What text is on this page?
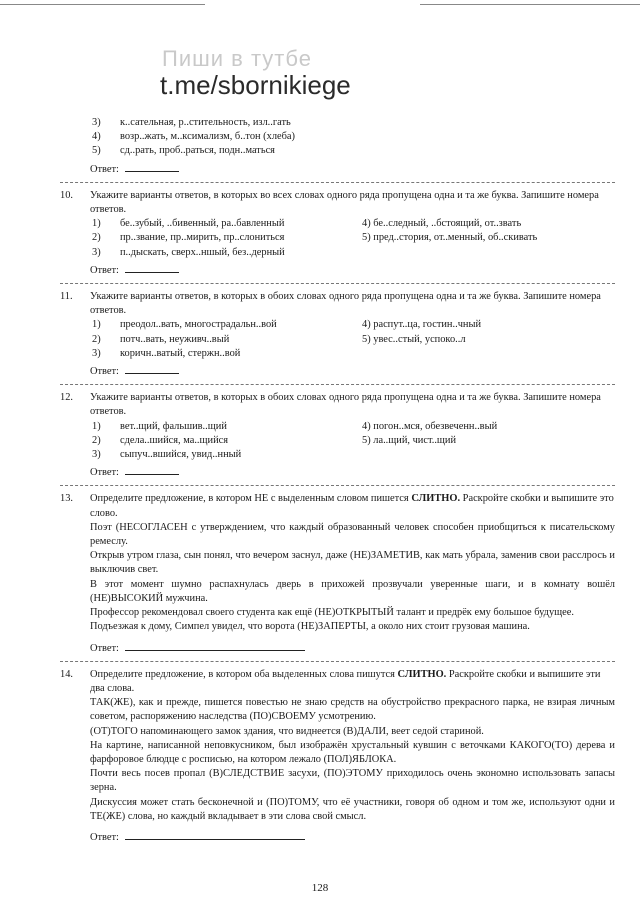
Пиши в тутбе
t.me/sbornikiege
3) к..сательная, р..стительность, изл..гать
4) возр..жать, м..ксимализм, б..тон (хлеба)
5) сд..рать, проб..раться, подн..маться
Ответ:
10. Укажите варианты ответов, в которых во всех словах одного ряда пропущена одна и та же буква. Запишите номера ответов.
1) бе..зубый, ..бивенный, ра..бавленный	4) бе..следный, ..бстоящий, от..звать
2) пр..звание, пр..мирить, пр..слониться	5) пред..стория, от..менный, об..скивать
3) п..дыскать, сверх..ншый, без..дерный
Ответ:
11. Укажите варианты ответов, в которых в обоих словах одного ряда пропущена одна и та же буква. Запишите номера ответов.
1) преодол..вать, многострадальн..вой	4) распут..ца, гостин..чный
2) потч..вать, неуживч..вый	5) увес..стый, успоко..л
3) коричн..ватый, стержн..вой
Ответ:
12. Укажите варианты ответов, в которых в обоих словах одного ряда пропущена одна и та же буква. Запишите номера ответов.
1) вет..щий, фальшив..щий	4) погон..мся, обезвеченн..вый
2) сдела..шийся, ма..щийся	5) ла..щий, чист..щий
3) сыпуч..вшийся, увид..нный
Ответ:
13. Определите предложение, в котором НЕ с выделенным словом пишется СЛИТНО. Раскройте скобки и выпишите это слово.
Поэт (НЕСОГЛАСЕН с утверждением, что каждый образованный человек способен приобщиться к писательскому ремеслу.
Открыв утром глаза, сын понял, что вечером заснул, даже (НЕ)ЗАМЕТИВ, как мать убрала, заменив свои расслрось и выключив свет.
В этот момент шумно распахнулась дверь в прихожей прозвучали уверенные шаги, и в комнату вошёл (НЕ)ВЫСОКИЙ мужчина.
Профессор рекомендовал своего студента как ещё (НЕ)ОТКРЫТЫЙ талант и предрёк ему большое будущее.
Подъезжая к дому, Симпел увидел, что ворота (НЕ)ЗАПЕРТЫ, а около них стоит грузовая машина.
Ответ:
14. Определите предложение, в котором оба выделенных слова пишутся СЛИТНО. Раскройте скобки и выпишите эти два слова.
ТАК(ЖЕ), как и прежде, пишется повестью не знаю средств на обустройство прекрасного парка, не взирая личным советом, распоряжению наследства (ПО)СВОЕМУ усмотрению.
(ОТ)ТОГО напоминающего замок здания, что виднеется (В)ДАЛИ, веет седой стариной.
На картине, написанной неповкусником, был изображён хрустальный кувшин с веточками КАКОГО(ТО) дерева и фарфоровое блюдце с росписью, на котором лежало (ПОЛ)ЯБЛОКА.
Почти весь посев пропал (В)СЛЕДСТВИЕ засухи, (ПО)ЭТОМУ приходилось очень экономно использовать запасы зерна.
Дискуссия может стать бесконечной и (ПО)ТОМУ, что её участники, говоря об одном и том же, используют одни и ТЕ(ЖЕ) слова, но каждый вкладывает в эти слова свой смысл.
Ответ:
128
